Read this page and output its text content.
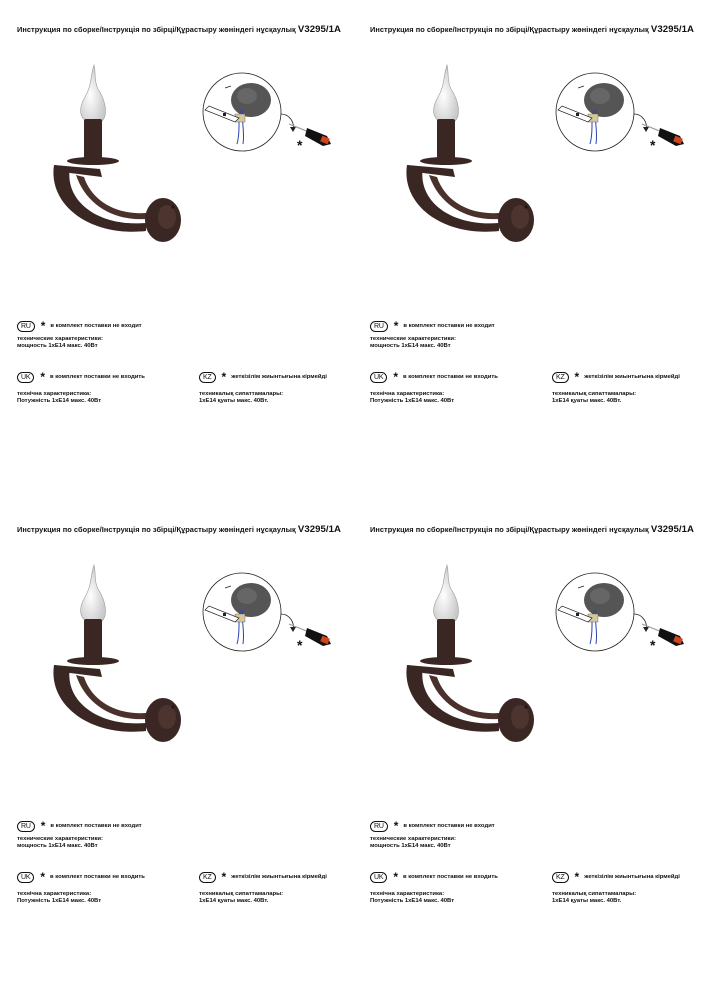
Инструкция по сборке/Інструкція по збірці/Құрастыру жөніндегі нұсқаулық V3295/1A
*
RU * в комплект поставки не входит
технические характеристики:
мощность 1хЕ14 макс. 40Вт
UK * в комплект поставки не входить
технічна характеристика:
Потужність 1хЕ14 макс. 40Вт
KZ * жеткізілім жиынтығына кірмейді
техникалық сипаттамалары:
1хЕ14 қуаты макс. 40Вт.
Инструкция по сборке/Інструкція по збірці/Құрастыру жөніндегі нұсқаулық V3295/1A
*
RU * в комплект поставки не входит
технические характеристики:
мощность 1хЕ14 макс. 40Вт
UK * в комплект поставки не входить
технічна характеристика:
Потужність 1хЕ14 макс. 40Вт
KZ * жеткізілім жиынтығына кірмейді
техникалық сипаттамалары:
1хЕ14 қуаты макс. 40Вт.
Инструкция по сборке/Інструкція по збірці/Құрастыру жөніндегі нұсқаулық V3295/1A
*
RU * в комплект поставки не входит
технические характеристики:
мощность 1хЕ14 макс. 40Вт
UK * в комплект поставки не входить
технічна характеристика:
Потужність 1хЕ14 макс. 40Вт
KZ * жеткізілім жиынтығына кірмейді
техникалық сипаттамалары:
1хЕ14 қуаты макс. 40Вт.
Инструкция по сборке/Інструкція по збірці/Құрастыру жөніндегі нұсқаулық V3295/1A
*
RU * в комплект поставки не входит
технические характеристики:
мощность 1хЕ14 макс. 40Вт
UK * в комплект поставки не входить
технічна характеристика:
Потужність 1хЕ14 макс. 40Вт
KZ * жеткізілім жиынтығына кірмейді
техникалық сипаттамалары:
1хЕ14 қуаты макс. 40Вт.
